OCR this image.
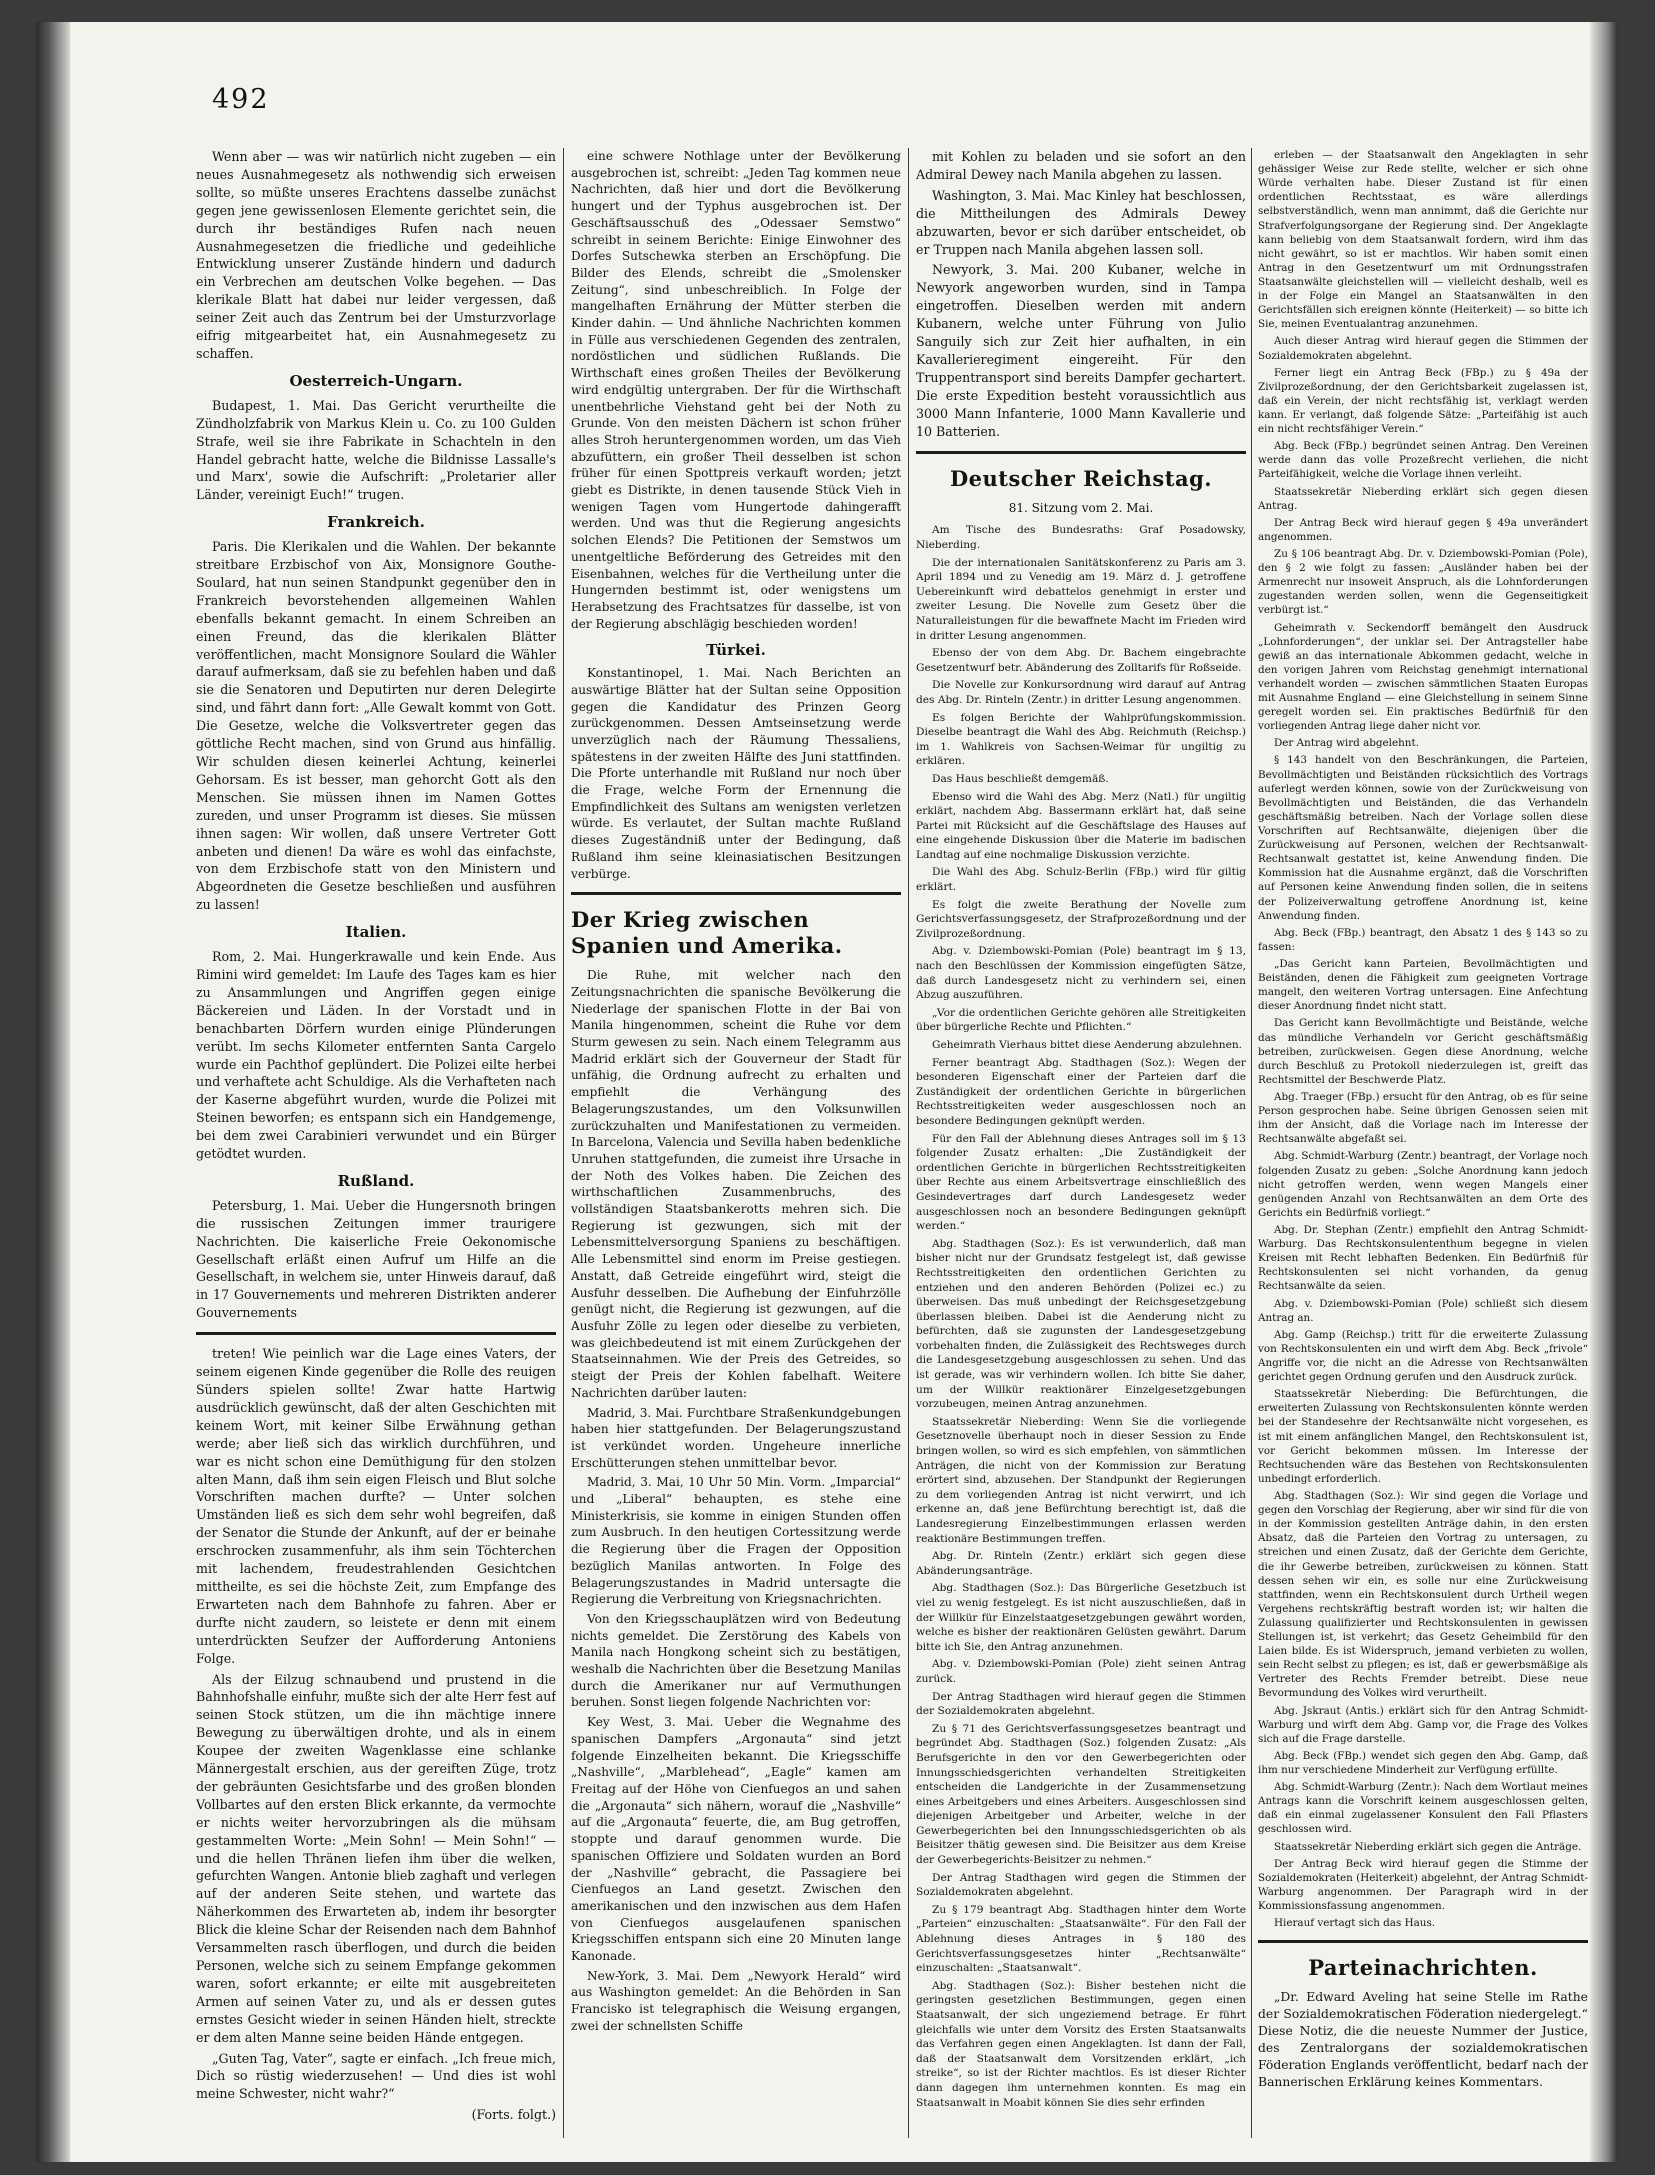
492

Wenn aber — was wir natürlich nicht zugeben — ein neues Ausnahmegesetz als nothwendig sich erweisen sollte, so müßte unseres Erachtens dasselbe zunächst gegen jene gewissenlosen Elemente gerichtet sein, die durch ihr beständiges Rufen nach neuen Ausnahmegesetzen die friedliche und gedeihliche Entwicklung unserer Zustände hindern und dadurch ein Verbrechen am deutschen Volke begehen. — Das klerikale Blatt hat dabei nur leider vergessen, daß seiner Zeit auch das Zentrum bei der Umsturzvorlage eifrig mitgearbeitet hat, ein Ausnahmegesetz zu schaffen.

Oesterreich-Ungarn.

Budapest, 1. Mai. Das Gericht verurtheilte die Zündholzfabrik von Markus Klein u. Co. zu 100 Gulden Strafe, weil sie ihre Fabrikate in Schachteln in den Handel gebracht hatte, welche die Bildnisse Lassalle's und Marx', sowie die Aufschrift: „Proletarier aller Länder, vereinigt Euch!“ trugen.

Frankreich.

Paris. Die Klerikalen und die Wahlen. Der bekannte streitbare Erzbischof von Aix, Monsignore Gouthe-Soulard, hat nun seinen Standpunkt gegenüber den in Frankreich bevorstehenden allgemeinen Wahlen ebenfalls bekannt gemacht. In einem Schreiben an einen Freund, das die klerikalen Blätter veröffentlichen, macht Monsignore Soulard die Wähler darauf aufmerksam, daß sie zu befehlen haben und daß sie die Senatoren und Deputirten nur deren Delegirte sind, und fährt dann fort: „Alle Gewalt kommt von Gott. Die Gesetze, welche die Volksvertreter gegen das göttliche Recht machen, sind von Grund aus hinfällig. Wir schulden diesen keinerlei Achtung, keinerlei Gehorsam. Es ist besser, man gehorcht Gott als den Menschen. Sie müssen ihnen im Namen Gottes zureden, und unser Programm ist dieses. Sie müssen ihnen sagen: Wir wollen, daß unsere Vertreter Gott anbeten und dienen! Da wäre es wohl das einfachste, von dem Erzbischofe statt von den Ministern und Abgeordneten die Gesetze beschließen und ausführen zu lassen!

Italien.

Rom, 2. Mai. Hungerkrawalle und kein Ende. Aus Rimini wird gemeldet: Im Laufe des Tages kam es hier zu Ansammlungen und Angriffen gegen einige Bäckereien und Läden. In der Vorstadt und in benachbarten Dörfern wurden einige Plünderungen verübt. Im sechs Kilometer entfernten Santa Cargelo wurde ein Pachthof geplündert. Die Polizei eilte herbei und verhaftete acht Schuldige. Als die Verhafteten nach der Kaserne abgeführt wurden, wurde die Polizei mit Steinen beworfen; es entspann sich ein Handgemenge, bei dem zwei Carabinieri verwundet und ein Bürger getödtet wurden.

Rußland.

Petersburg, 1. Mai. Ueber die Hungersnoth bringen die russischen Zeitungen immer traurigere Nachrichten. Die kaiserliche Freie Oekonomische Gesellschaft erläßt einen Aufruf um Hilfe an die Gesellschaft, in welchem sie, unter Hinweis darauf, daß in 17 Gouvernements und mehreren Distrikten anderer Gouvernements

treten! Wie peinlich war die Lage eines Vaters, der seinem eigenen Kinde gegenüber die Rolle des reuigen Sünders spielen sollte! Zwar hatte Hartwig ausdrücklich gewünscht, daß der alten Geschichten mit keinem Wort, mit keiner Silbe Erwähnung gethan werde; aber ließ sich das wirklich durchführen, und war es nicht schon eine Demüthigung für den stolzen alten Mann, daß ihm sein eigen Fleisch und Blut solche Vorschriften machen durfte? — Unter solchen Umständen ließ es sich dem sehr wohl begreifen, daß der Senator die Stunde der Ankunft, auf der er beinahe erschrocken zusammenfuhr, als ihm sein Töchterchen mit lachendem, freudestrahlenden Gesichtchen mittheilte, es sei die höchste Zeit, zum Empfange des Erwarteten nach dem Bahnhofe zu fahren. Aber er durfte nicht zaudern, so leistete er denn mit einem unterdrückten Seufzer der Aufforderung Antoniens Folge.

Als der Eilzug schnaubend und prustend in die Bahnhofshalle einfuhr, mußte sich der alte Herr fest auf seinen Stock stützen, um die ihn mächtige innere Bewegung zu überwältigen drohte, und als in einem Koupee der zweiten Wagenklasse eine schlanke Männergestalt erschien, aus der gereiften Züge, trotz der gebräunten Gesichtsfarbe und des großen blonden Vollbartes auf den ersten Blick erkannte, da vermochte er nichts weiter hervorzubringen als die mühsam gestammelten Worte: „Mein Sohn! — Mein Sohn!“ — und die hellen Thränen liefen ihm über die welken, gefurchten Wangen. Antonie blieb zaghaft und verlegen auf der anderen Seite stehen, und wartete das Näherkommen des Erwarteten ab, indem ihr besorgter Blick die kleine Schar der Reisenden nach dem Bahnhof Versammelten rasch überflogen, und durch die beiden Personen, welche sich zu seinem Empfange gekommen waren, sofort erkannte; er eilte mit ausgebreiteten Armen auf seinen Vater zu, und als er dessen gutes ernstes Gesicht wieder in seinen Händen hielt, streckte er dem alten Manne seine beiden Hände entgegen.

„Guten Tag, Vater“, sagte er einfach. „Ich freue mich, Dich so rüstig wiederzusehen! — Und dies ist wohl meine Schwester, nicht wahr?“

(Forts. folgt.)

eine schwere Nothlage unter der Bevölkerung ausgebrochen ist, schreibt: „Jeden Tag kommen neue Nachrichten, daß hier und dort die Bevölkerung hungert und der Typhus ausgebrochen ist. Der Geschäftsausschuß des „Odessaer Semstwo“ schreibt in seinem Berichte: Einige Einwohner des Dorfes Sutschewka sterben an Erschöpfung. Die Bilder des Elends, schreibt die „Smolensker Zeitung“, sind unbeschreiblich. In Folge der mangelhaften Ernährung der Mütter sterben die Kinder dahin. — Und ähnliche Nachrichten kommen in Fülle aus verschiedenen Gegenden des zentralen, nordöstlichen und südlichen Rußlands. Die Wirthschaft eines großen Theiles der Bevölkerung wird endgültig untergraben. Der für die Wirthschaft unentbehrliche Viehstand geht bei der Noth zu Grunde. Von den meisten Dächern ist schon früher alles Stroh heruntergenommen worden, um das Vieh abzufüttern, ein großer Theil desselben ist schon früher für einen Spottpreis verkauft worden; jetzt giebt es Distrikte, in denen tausende Stück Vieh in wenigen Tagen vom Hungertode dahingerafft werden. Und was thut die Regierung angesichts solchen Elends? Die Petitionen der Semstwos um unentgeltliche Beförderung des Getreides mit den Eisenbahnen, welches für die Vertheilung unter die Hungernden bestimmt ist, oder wenigstens um Herabsetzung des Frachtsatzes für dasselbe, ist von der Regierung abschlägig beschieden worden!

Türkei.

Konstantinopel, 1. Mai. Nach Berichten an auswärtige Blätter hat der Sultan seine Opposition gegen die Kandidatur des Prinzen Georg zurückgenommen. Dessen Amtseinsetzung werde unverzüglich nach der Räumung Thessaliens, spätestens in der zweiten Hälfte des Juni stattfinden. Die Pforte unterhandle mit Rußland nur noch über die Frage, welche Form der Ernennung die Empfindlichkeit des Sultans am wenigsten verletzen würde. Es verlautet, der Sultan machte Rußland dieses Zugeständniß unter der Bedingung, daß Rußland ihm seine kleinasiatischen Besitzungen verbürge.

Der Krieg zwischen Spanien und Amerika.

Die Ruhe, mit welcher nach den Zeitungsnachrichten die spanische Bevölkerung die Niederlage der spanischen Flotte in der Bai von Manila hingenommen, scheint die Ruhe vor dem Sturm gewesen zu sein. Nach einem Telegramm aus Madrid erklärt sich der Gouverneur der Stadt für unfähig, die Ordnung aufrecht zu erhalten und empfiehlt die Verhängung des Belagerungszustandes, um den Volksunwillen zurückzuhalten und Manifestationen zu vermeiden. In Barcelona, Valencia und Sevilla haben bedenkliche Unruhen stattgefunden, die zumeist ihre Ursache in der Noth des Volkes haben. Die Zeichen des wirthschaftlichen Zusammenbruchs, des vollständigen Staatsbankerotts mehren sich. Die Regierung ist gezwungen, sich mit der Lebensmittelversorgung Spaniens zu beschäftigen. Alle Lebensmittel sind enorm im Preise gestiegen. Anstatt, daß Getreide eingeführt wird, steigt die Ausfuhr desselben. Die Aufhebung der Einfuhrzölle genügt nicht, die Regierung ist gezwungen, auf die Ausfuhr Zölle zu legen oder dieselbe zu verbieten, was gleichbedeutend ist mit einem Zurückgehen der Staatseinnahmen. Wie der Preis des Getreides, so steigt der Preis der Kohlen fabelhaft. Weitere Nachrichten darüber lauten:

Madrid, 3. Mai. Furchtbare Straßenkundgebungen haben hier stattgefunden. Der Belagerungszustand ist verkündet worden. Ungeheure innerliche Erschütterungen stehen unmittelbar bevor.

Madrid, 3. Mai, 10 Uhr 50 Min. Vorm. „Imparcial“ und „Liberal“ behaupten, es stehe eine Ministerkrisis, sie komme in einigen Stunden offen zum Ausbruch. In den heutigen Cortessitzung werde die Regierung über die Fragen der Opposition bezüglich Manilas antworten. In Folge des Belagerungszustandes in Madrid untersagte die Regierung die Verbreitung von Kriegsnachrichten.

Von den Kriegsschauplätzen wird von Bedeutung nichts gemeldet. Die Zerstörung des Kabels von Manila nach Hongkong scheint sich zu bestätigen, weshalb die Nachrichten über die Besetzung Manilas durch die Amerikaner nur auf Vermuthungen beruhen. Sonst liegen folgende Nachrichten vor:

Key West, 3. Mai. Ueber die Wegnahme des spanischen Dampfers „Argonauta“ sind jetzt folgende Einzelheiten bekannt. Die Kriegsschiffe „Nashville“, „Marblehead“, „Eagle“ kamen am Freitag auf der Höhe von Cienfuegos an und sahen die „Argonauta“ sich nähern, worauf die „Nashville“ auf die „Argonauta“ feuerte, die, am Bug getroffen, stoppte und darauf genommen wurde. Die spanischen Offiziere und Soldaten wurden an Bord der „Nashville“ gebracht, die Passagiere bei Cienfuegos an Land gesetzt. Zwischen den amerikanischen und den inzwischen aus dem Hafen von Cienfuegos ausgelaufenen spanischen Kriegsschiffen entspann sich eine 20 Minuten lange Kanonade.

New-York, 3. Mai. Dem „Newyork Herald“ wird aus Washington gemeldet: An die Behörden in San Francisko ist telegraphisch die Weisung ergangen, zwei der schnellsten Schiffe

mit Kohlen zu beladen und sie sofort an den Admiral Dewey nach Manila abgehen zu lassen.

Washington, 3. Mai. Mac Kinley hat beschlossen, die Mittheilungen des Admirals Dewey abzuwarten, bevor er sich darüber entscheidet, ob er Truppen nach Manila abgehen lassen soll.

Newyork, 3. Mai. 200 Kubaner, welche in Newyork angeworben wurden, sind in Tampa eingetroffen. Dieselben werden mit andern Kubanern, welche unter Führung von Julio Sanguily sich zur Zeit hier aufhalten, in ein Kavallerieregiment eingereiht. Für den Truppentransport sind bereits Dampfer gechartert. Die erste Expedition besteht voraussichtlich aus 3000 Mann Infanterie, 1000 Mann Kavallerie und 10 Batterien.

Deutscher Reichstag.

81. Sitzung vom 2. Mai.

Am Tische des Bundesraths: Graf Posadowsky, Nieberding.

Die der internationalen Sanitätskonferenz zu Paris am 3. April 1894 und zu Venedig am 19. März d. J. getroffene Uebereinkunft wird debattelos genehmigt in erster und zweiter Lesung. Die Novelle zum Gesetz über die Naturalleistungen für die bewaffnete Macht im Frieden wird in dritter Lesung angenommen.

Ebenso der von dem Abg. Dr. Bachem eingebrachte Gesetzentwurf betr. Abänderung des Zolltarifs für Roßseide.

Die Novelle zur Konkursordnung wird darauf auf Antrag des Abg. Dr. Rinteln (Zentr.) in dritter Lesung angenommen.

Es folgen Berichte der Wahlprüfungskommission. Dieselbe beantragt die Wahl des Abg. Reichmuth (Reichsp.) im 1. Wahlkreis von Sachsen-Weimar für ungiltig zu erklären.

Das Haus beschließt demgemäß.

Ebenso wird die Wahl des Abg. Merz (Natl.) für ungiltig erklärt, nachdem Abg. Bassermann erklärt hat, daß seine Partei mit Rücksicht auf die Geschäftslage des Hauses auf eine eingehende Diskussion über die Materie im badischen Landtag auf eine nochmalige Diskussion verzichte.

Die Wahl des Abg. Schulz-Berlin (FBp.) wird für giltig erklärt.

Es folgt die zweite Berathung der Novelle zum Gerichtsverfassungsgesetz, der Strafprozeßordnung und der Zivilprozeßordnung.

Abg. v. Dziembowski-Pomian (Pole) beantragt im § 13, nach den Beschlüssen der Kommission eingefügten Sätze, daß durch Landesgesetz nicht zu verhindern sei, einen Abzug auszuführen.

„Vor die ordentlichen Gerichte gehören alle Streitigkeiten über bürgerliche Rechte und Pflichten.“

Geheimrath Vierhaus bittet diese Aenderung abzulehnen.

Ferner beantragt Abg. Stadthagen (Soz.): Wegen der besonderen Eigenschaft einer der Parteien darf die Zuständigkeit der ordentlichen Gerichte in bürgerlichen Rechtsstreitigkeiten weder ausgeschlossen noch an besondere Bedingungen geknüpft werden.

Für den Fall der Ablehnung dieses Antrages soll im § 13 folgender Zusatz erhalten: „Die Zuständigkeit der ordentlichen Gerichte in bürgerlichen Rechtsstreitigkeiten über Rechte aus einem Arbeitsvertrage einschließlich des Gesindevertrages darf durch Landesgesetz weder ausgeschlossen noch an besondere Bedingungen geknüpft werden.“

Abg. Stadthagen (Soz.): Es ist verwunderlich, daß man bisher nicht nur der Grundsatz festgelegt ist, daß gewisse Rechtsstreitigkeiten den ordentlichen Gerichten zu entziehen und den anderen Behörden (Polizei ec.) zu überweisen. Das muß unbedingt der Reichsgesetzgebung überlassen bleiben. Dabei ist die Aenderung nicht zu befürchten, daß sie zugunsten der Landesgesetzgebung vorbehalten finden, die Zulässigkeit des Rechtsweges durch die Landesgesetzgebung ausgeschlossen zu sehen. Und das ist gerade, was wir verhindern wollen. Ich bitte Sie daher, um der Willkür reaktionärer Einzelgesetzgebungen vorzubeugen, meinen Antrag anzunehmen.

Staatssekretär Nieberding: Wenn Sie die vorliegende Gesetznovelle überhaupt noch in dieser Session zu Ende bringen wollen, so wird es sich empfehlen, von sämmtlichen Anträgen, die nicht von der Kommission zur Beratung erörtert sind, abzusehen. Der Standpunkt der Regierungen zu dem vorliegenden Antrag ist nicht verwirrt, und ich erkenne an, daß jene Befürchtung berechtigt ist, daß die Landesregierung Einzelbestimmungen erlassen werden reaktionäre Bestimmungen treffen.

Abg. Dr. Rinteln (Zentr.) erklärt sich gegen diese Abänderungsanträge.

Abg. Stadthagen (Soz.): Das Bürgerliche Gesetzbuch ist viel zu wenig festgelegt. Es ist nicht auszuschließen, daß in der Willkür für Einzelstaatgesetzgebungen gewährt worden, welche es bisher der reaktionären Gelüsten gewährt. Darum bitte ich Sie, den Antrag anzunehmen.

Abg. v. Dziembowski-Pomian (Pole) zieht seinen Antrag zurück.

Der Antrag Stadthagen wird hierauf gegen die Stimmen der Sozialdemokraten abgelehnt.

Zu § 71 des Gerichtsverfassungsgesetzes beantragt und begründet Abg. Stadthagen (Soz.) folgenden Zusatz: „Als Berufsgerichte in den vor den Gewerbegerichten oder Innungsschiedsgerichten verhandelten Streitigkeiten entscheiden die Landgerichte in der Zusammensetzung eines Arbeitgebers und eines Arbeiters. Ausgeschlossen sind diejenigen Arbeitgeber und Arbeiter, welche in der Gewerbegerichten bei den Innungsschiedsgerichten ob als Beisitzer thätig gewesen sind. Die Beisitzer aus dem Kreise der Gewerbegerichts-Beisitzer zu nehmen.“

Der Antrag Stadthagen wird gegen die Stimmen der Sozialdemokraten abgelehnt.

Zu § 179 beantragt Abg. Stadthagen hinter dem Worte „Parteien“ einzuschalten: „Staatsanwälte“. Für den Fall der Ablehnung dieses Antrages in § 180 des Gerichtsverfassungsgesetzes hinter „Rechtsanwälte“ einzuschalten: „Staatsanwalt“.

Abg. Stadthagen (Soz.): Bisher bestehen nicht die geringsten gesetzlichen Bestimmungen, gegen einen Staatsanwalt, der sich ungeziemend betrage. Er führt gleichfalls wie unter dem Vorsitz des Ersten Staatsanwalts das Verfahren gegen einen Angeklagten. Ist dann der Fall, daß der Staatsanwalt dem Vorsitzenden erklärt, „ich streike“, so ist der Richter machtlos. Es ist dieser Richter dann dagegen ihm unternehmen konnten. Es mag ein Staatsanwalt in Moabit können Sie dies sehr erfinden

erleben — der Staatsanwalt den Angeklagten in sehr gehässiger Weise zur Rede stellte, welcher er sich ohne Würde verhalten habe. Dieser Zustand ist für einen ordentlichen Rechtsstaat, es wäre allerdings selbstverständlich, wenn man annimmt, daß die Gerichte nur Strafverfolgungsorgane der Regierung sind. Der Angeklagte kann beliebig von dem Staatsanwalt fordern, wird ihm das nicht gewährt, so ist er machtlos. Wir haben somit einen Antrag in den Gesetzentwurf um mit Ordnungsstrafen Staatsanwälte gleichstellen will — vielleicht deshalb, weil es in der Folge ein Mangel an Staatsanwälten in den Gerichtsfällen sich ereignen könnte (Heiterkeit) — so bitte ich Sie, meinen Eventualantrag anzunehmen.

Auch dieser Antrag wird hierauf gegen die Stimmen der Sozialdemokraten abgelehnt.

Ferner liegt ein Antrag Beck (FBp.) zu § 49a der Zivilprozeßordnung, der den Gerichtsbarkeit zugelassen ist, daß ein Verein, der nicht rechtsfähig ist, verklagt werden kann. Er verlangt, daß folgende Sätze: „Parteifähig ist auch ein nicht rechtsfähiger Verein.“

Abg. Beck (FBp.) begründet seinen Antrag. Den Vereinen werde dann das volle Prozeßrecht verliehen, die nicht Parteifähigkeit, welche die Vorlage ihnen verleiht.

Staatssekretär Nieberding erklärt sich gegen diesen Antrag.

Der Antrag Beck wird hierauf gegen § 49a unverändert angenommen.

Zu § 106 beantragt Abg. Dr. v. Dziembowski-Pomian (Pole), den § 2 wie folgt zu fassen: „Ausländer haben bei der Armenrecht nur insoweit Anspruch, als die Lohnforderungen zugestanden werden sollen, wenn die Gegenseitigkeit verbürgt ist.“

Geheimrath v. Seckendorff bemängelt den Ausdruck „Lohnforderungen“, der unklar sei. Der Antragsteller habe gewiß an das internationale Abkommen gedacht, welche in den vorigen Jahren vom Reichstag genehmigt international verhandelt worden — zwischen sämmtlichen Staaten Europas mit Ausnahme England — eine Gleichstellung in seinem Sinne geregelt worden sei. Ein praktisches Bedürfniß für den vorliegenden Antrag liege daher nicht vor.

Der Antrag wird abgelehnt.

§ 143 handelt von den Beschränkungen, die Parteien, Bevollmächtigten und Beiständen rücksichtlich des Vortrags auferlegt werden können, sowie von der Zurückweisung von Bevollmächtigten und Beiständen, die das Verhandeln geschäftsmäßig betreiben. Nach der Vorlage sollen diese Vorschriften auf Rechtsanwälte, diejenigen über die Zurückweisung auf Personen, welchen der Rechtsanwalt-Rechtsanwalt gestattet ist, keine Anwendung finden. Die Kommission hat die Ausnahme ergänzt, daß die Vorschriften auf Personen keine Anwendung finden sollen, die in seitens der Polizeiverwaltung getroffene Anordnung ist, keine Anwendung finden.

Abg. Beck (FBp.) beantragt, den Absatz 1 des § 143 so zu fassen:

„Das Gericht kann Parteien, Bevollmächtigten und Beiständen, denen die Fähigkeit zum geeigneten Vortrage mangelt, den weiteren Vortrag untersagen. Eine Anfechtung dieser Anordnung findet nicht statt.

Das Gericht kann Bevollmächtigte und Beistände, welche das mündliche Verhandeln vor Gericht geschäftsmäßig betreiben, zurückweisen. Gegen diese Anordnung, welche durch Beschluß zu Protokoll niederzulegen ist, greift das Rechtsmittel der Beschwerde Platz.

Abg. Traeger (FBp.) ersucht für den Antrag, ob es für seine Person gesprochen habe. Seine übrigen Genossen seien mit ihm der Ansicht, daß die Vorlage nach im Interesse der Rechtsanwälte abgefaßt sei.

Abg. Schmidt-Warburg (Zentr.) beantragt, der Vorlage noch folgenden Zusatz zu geben: „Solche Anordnung kann jedoch nicht getroffen werden, wenn wegen Mangels einer genügenden Anzahl von Rechtsanwälten an dem Orte des Gerichts ein Bedürfniß vorliegt.“

Abg. Dr. Stephan (Zentr.) empfiehlt den Antrag Schmidt-Warburg. Das Rechtskonsulententhum begegne in vielen Kreisen mit Recht lebhaften Bedenken. Ein Bedürfniß für Rechtskonsulenten sei nicht vorhanden, da genug Rechtsanwälte da seien.

Abg. v. Dziembowski-Pomian (Pole) schließt sich diesem Antrag an.

Abg. Gamp (Reichsp.) tritt für die erweiterte Zulassung von Rechtskonsulenten ein und wirft dem Abg. Beck „frivole“ Angriffe vor, die nicht an die Adresse von Rechtsanwälten gerichtet gegen Ordnung gerufen und den Ausdruck zurück.

Staatssekretär Nieberding: Die Befürchtungen, die erweiterten Zulassung von Rechtskonsulenten könnte werden bei der Standesehre der Rechtsanwälte nicht vorgesehen, es ist mit einem anfänglichen Mangel, den Rechtskonsulent ist, vor Gericht bekommen müssen. Im Interesse der Rechtsuchenden wäre das Bestehen von Rechtskonsulenten unbedingt erforderlich.

Abg. Stadthagen (Soz.): Wir sind gegen die Vorlage und gegen den Vorschlag der Regierung, aber wir sind für die von in der Kommission gestellten Anträge dahin, in den ersten Absatz, daß die Parteien den Vortrag zu untersagen, zu streichen und einen Zusatz, daß der Gerichte dem Gerichte, die ihr Gewerbe betreiben, zurückweisen zu können. Statt dessen sehen wir ein, es solle nur eine Zurückweisung stattfinden, wenn ein Rechtskonsulent durch Urtheil wegen Vergehens rechtskräftig bestraft worden ist; wir halten die Zulassung qualifizierter und Rechtskonsulenten in gewissen Stellungen ist, ist verkehrt; das Gesetz Geheimbild für den Laien bilde. Es ist Widerspruch, jemand verbieten zu wollen, sein Recht selbst zu pflegen; es ist, daß er gewerbsmäßige als Vertreter des Rechts Fremder betreibt. Diese neue Bevormundung des Volkes wird verurtheilt.

Abg. Jskraut (Antis.) erklärt sich für den Antrag Schmidt-Warburg und wirft dem Abg. Gamp vor, die Frage des Volkes sich auf die Frage darstelle.

Abg. Beck (FBp.) wendet sich gegen den Abg. Gamp, daß ihm nur verschiedene Minderheit zur Verfügung erfüllte.

Abg. Schmidt-Warburg (Zentr.): Nach dem Wortlaut meines Antrags kann die Vorschrift keinem ausgeschlossen gelten, daß ein einmal zugelassener Konsulent den Fall Pflasters geschlossen wird.

Staatssekretär Nieberding erklärt sich gegen die Anträge.

Der Antrag Beck wird hierauf gegen die Stimme der Sozialdemokraten (Heiterkeit) abgelehnt, der Antrag Schmidt-Warburg angenommen. Der Paragraph wird in der Kommissionsfassung angenommen.

Hierauf vertagt sich das Haus.

Parteinachrichten.

„Dr. Edward Aveling hat seine Stelle im Rathe der Sozialdemokratischen Föderation niedergelegt.“ Diese Notiz, die die neueste Nummer der Justice, des Zentralorgans der sozialdemokratischen Föderation Englands veröffentlicht, bedarf nach der Bannerischen Erklärung keines Kommentars.
